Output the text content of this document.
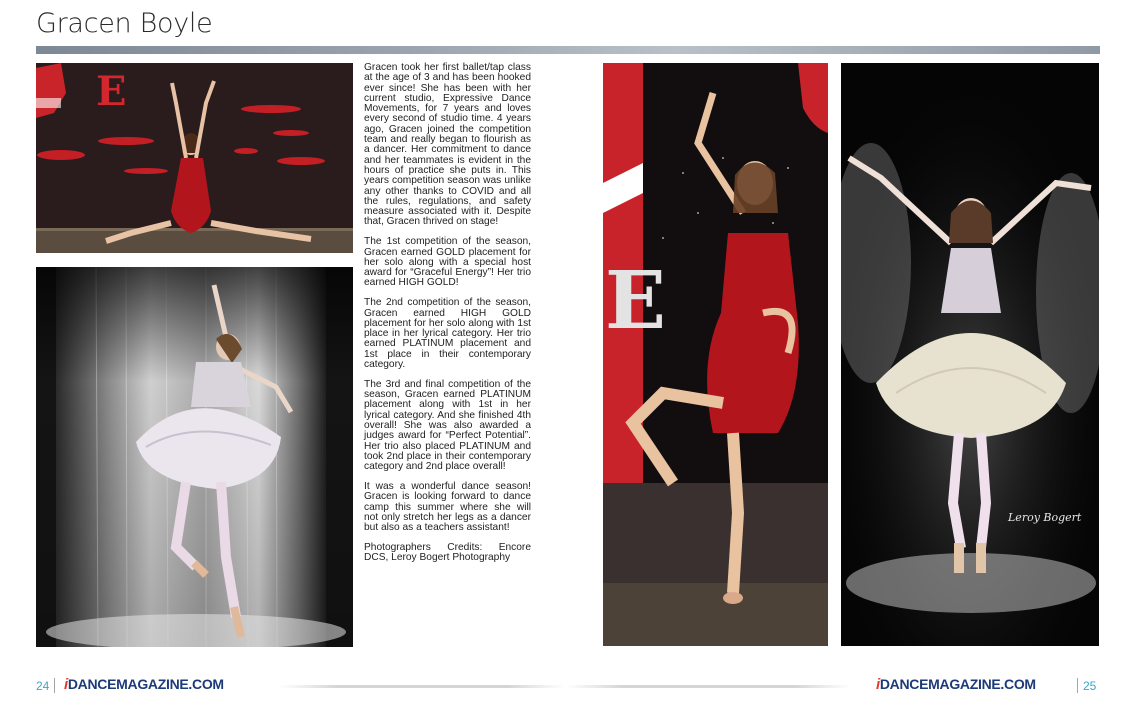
Gracen Boyle
E

Gracen took her first ballet/tap class at the age of 3 and has been hooked ever since! She has been with her current studio, Expressive Dance Movements, for 7 years and loves every second of studio time. 4 years ago, Gracen joined the competition team and really began to flourish as a dancer. Her commitment to dance and her teammates is evident in the hours of practice she puts in. This years competition season was unlike any other thanks to COVID and all the rules, regulations, and safety measure associated with it. Despite that, Gracen thrived on stage!

The 1st competition of the season, Gracen earned GOLD placement for her solo along with a special host award for “Graceful Energy”! Her trio earned HIGH GOLD!

The 2nd competition of the season, Gracen earned HIGH GOLD placement for her solo along with 1st place in her lyrical category. Her trio earned PLATINUM placement and 1st place in their contemporary category.

The 3rd and final competition of the season, Gracen earned PLATINUM placement along with 1st in her lyrical category. And she finished 4th overall! She was also awarded a judges award for “Perfect Potential”. Her trio also placed PLATINUM and took 2nd place in their contemporary category and 2nd place overall!

It was a wonderful dance season! Gracen is looking forward to dance camp this summer where she will not only stretch her legs as a dancer but also as a teachers assistant!

Photographers Credits: Encore DCS, Leroy Bogert Photography

E
Leroy Bogert
24 iDANCEMAGAZINE.COM	iDANCEMAGAZINE.COM	25
